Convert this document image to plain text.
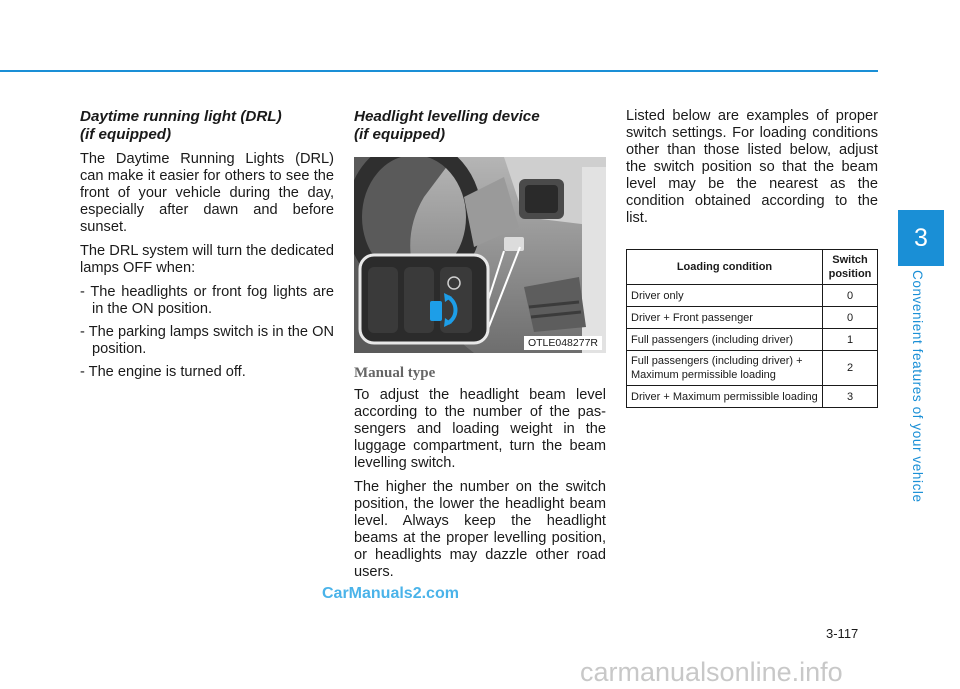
3
Convenient features of your vehicle
Daytime running light (DRL)
(if equipped)

The Daytime Running Lights (DRL) can make it easier for others to see the front of your vehicle during the day, especially after dawn and before sunset.

The DRL system will turn the dedicated lamps OFF when:

- The headlights or front fog lights are in the ON position.
- The parking lamps switch is in the ON position.
- The engine is turned off.
Headlight levelling device
(if equipped)
OTLE048277R
Manual type

To adjust the headlight beam level according to the number of the passengers and loading weight in the luggage compartment, turn the beam levelling switch.

The higher the number on the switch position, the lower the headlight beam level. Always keep the headlight beams at the proper levelling position, or headlights may dazzle other road users.

Listed below are examples of proper switch settings. For loading conditions other than those listed below, adjust the switch position so that the beam level may be the nearest as the condition obtained according to the list.

Loading condition	Switch position
Driver only	0
Driver + Front passenger	0
Full passengers (including driver)	1
Full passengers (including driver) + Maximum permissible loading	2
Driver + Maximum permissible loading	3
3-117
CarManuals2.com
carmanualsonline.info
